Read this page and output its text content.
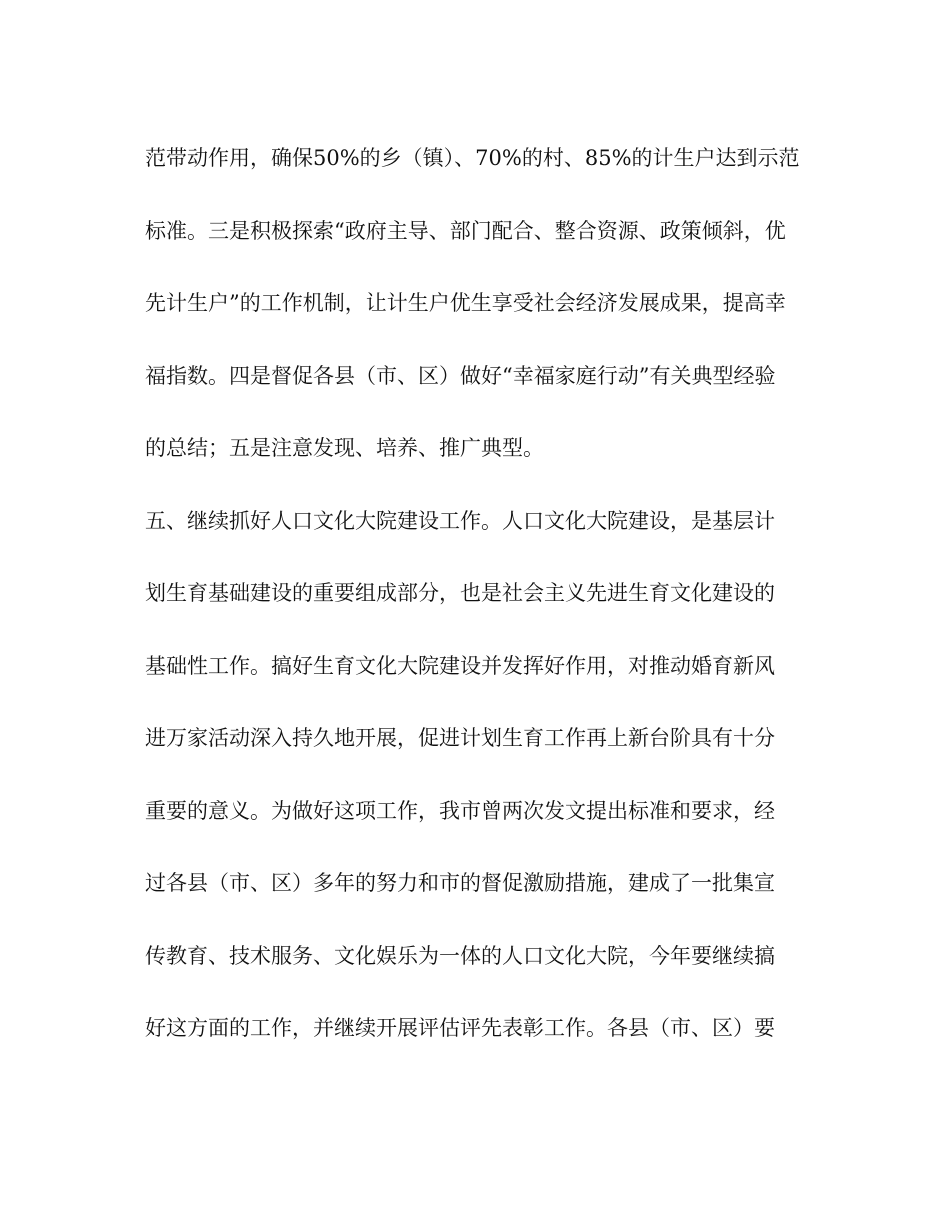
范带动作用，确保50%的乡（镇）、70%的村、85%的计生户达到示范
标准。三是积极探索“政府主导、部门配合、整合资源、政策倾斜，优
先计生户”的工作机制，让计生户优生享受社会经济发展成果，提高幸
福指数。四是督促各县（市、区）做好“幸福家庭行动”有关典型经验
的总结；五是注意发现、培养、推广典型。
五、继续抓好人口文化大院建设工作。人口文化大院建设，是基层计
划生育基础建设的重要组成部分，也是社会主义先进生育文化建设的
基础性工作。搞好生育文化大院建设并发挥好作用，对推动婚育新风
进万家活动深入持久地开展，促进计划生育工作再上新台阶具有十分
重要的意义。为做好这项工作，我市曾两次发文提出标准和要求，经
过各县（市、区）多年的努力和市的督促激励措施，建成了一批集宣
传教育、技术服务、文化娱乐为一体的人口文化大院，今年要继续搞
好这方面的工作，并继续开展评估评先表彰工作。各县（市、区）要
